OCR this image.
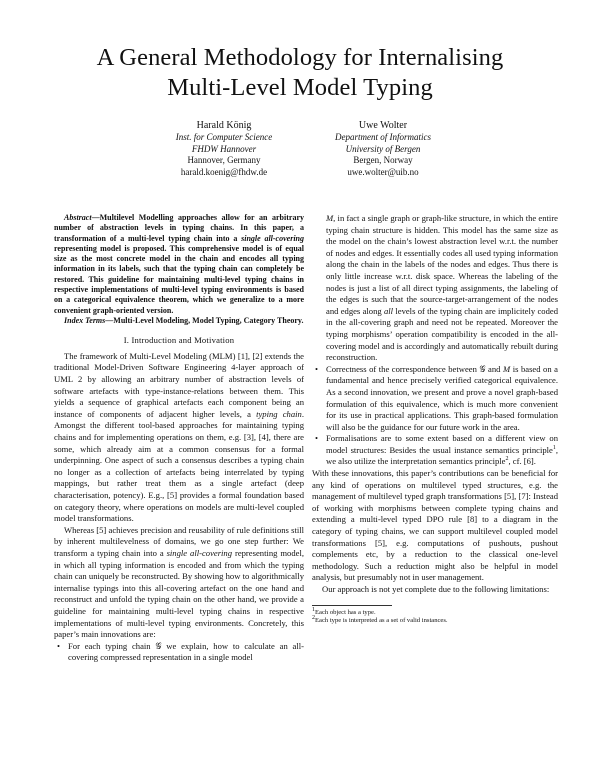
A General Methodology for Internalising
Multi-Level Model Typing
Harald König
Inst. for Computer Science
FHDW Hannover
Hannover, Germany
harald.koenig@fhdw.de
Uwe Wolter
Department of Informatics
University of Bergen
Bergen, Norway
uwe.wolter@uib.no

Abstract—Multilevel Modelling approaches allow for an arbitrary number of abstraction levels in typing chains. In this paper, a transformation of a multi-level typing chain into a single all-covering representing model is proposed. This comprehensive model is of equal size as the most concrete model in the chain and encodes all typing information in its labels, such that the typing chain can completely be restored. This guideline for maintaining multi-level typing chains in respective implementations of multi-level typing environments is based on a categorical equivalence theorem, which we generalize to a more convenient graph-oriented version.

Index Terms—Multi-Level Modeling, Model Typing, Category Theory.

I. Introduction and Motivation

The framework of Multi-Level Modeling (MLM) [1], [2] extends the traditional Model-Driven Software Engineering 4-layer approach of UML 2 by allowing an arbitrary number of abstraction levels of software artefacts with type-instance-relations between them. This yields a sequence of graphical artefacts each component being an instance of components of adjacent higher levels, a typing chain. Amongst the different tool-based approaches for maintaining typing chains and for implementing operations on them, e.g. [3], [4], there are some, which already aim at a common consensus for a formal underpinning. One aspect of such a consensus describes a typing chain no longer as a collection of artefacts being interrelated by typing mappings, but rather treat them as a single artefact (deep characterisation, potency). E.g., [5] provides a formal foundation based on category theory, where operations on models are multi-level coupled model transformations.

Whereas [5] achieves precision and reusability of rule definitions still by inherent multilevelness of domains, we go one step further: We transform a typing chain into a single all-covering representing model, in which all typing information is encoded and from which the typing chain can uniquely be reconstructed. By showing how to algorithmically internalise typings into this all-covering artefact on the one hand and reconstruct and unfold the typing chain on the other hand, we provide a guideline for maintaining multi-level typing chains in respective implementations of multi-level typing environments. Concretely, this paper’s main innovations are:

• For each typing chain 𝒢 we explain, how to calculate an all-covering compressed representation in a single model
M, in fact a single graph or graph-like structure, in which the entire typing chain structure is hidden. This model has the same size as the model on the chain’s lowest abstraction level w.r.t. the number of nodes and edges. It essentially codes all used typing information along the chain in the labels of the nodes and edges. Thus there is only little increase w.r.t. disk space. Whereas the labeling of the nodes is just a list of all direct typing assignments, the labeling of the edges is such that the source-target-arrangement of the nodes and edges along all levels of the typing chain are implicitely coded in the all-covering graph and need not be repeated. Moreover the typing morphisms’ operation compatibility is encoded in the all-covering model and is accordingly and automatically rebuilt during reconstruction.
• Correctness of the correspondence between 𝒢 and M is based on a fundamental and hence precisely verified categorical equivalence. As a second innovation, we present and prove a novel graph-based formulation of this equivalence, which is much more convenient for its use in practical applications. This graph-based formulation will also be the guidance for our future work in the area.
• Formalisations are to some extent based on a different view on model structures: Besides the usual instance semantics principle$^1$, we also utilize the interpretation semantics principle$^2$, cf. [6].

With these innovations, this paper’s contributions can be beneficial for any kind of operations on multilevel typed structures, e.g. the management of multilevel typed graph transformations [5], [7]: Instead of working with morphisms between complete typing chains and extending a multi-level typed DPO rule [8] to a diagram in the category of typing chains, we can support multilevel coupled model transformations [5], e.g. computations of pushouts, pushout complements etc, by a reduction to the classical one-level methodology. Such a reduction might also be helpful in model analysis, but presumably not in user management.

Our approach is not yet complete due to the following limitations:

$^1$Each object has a type.
$^2$Each type is interpreted as a set of valid instances.
